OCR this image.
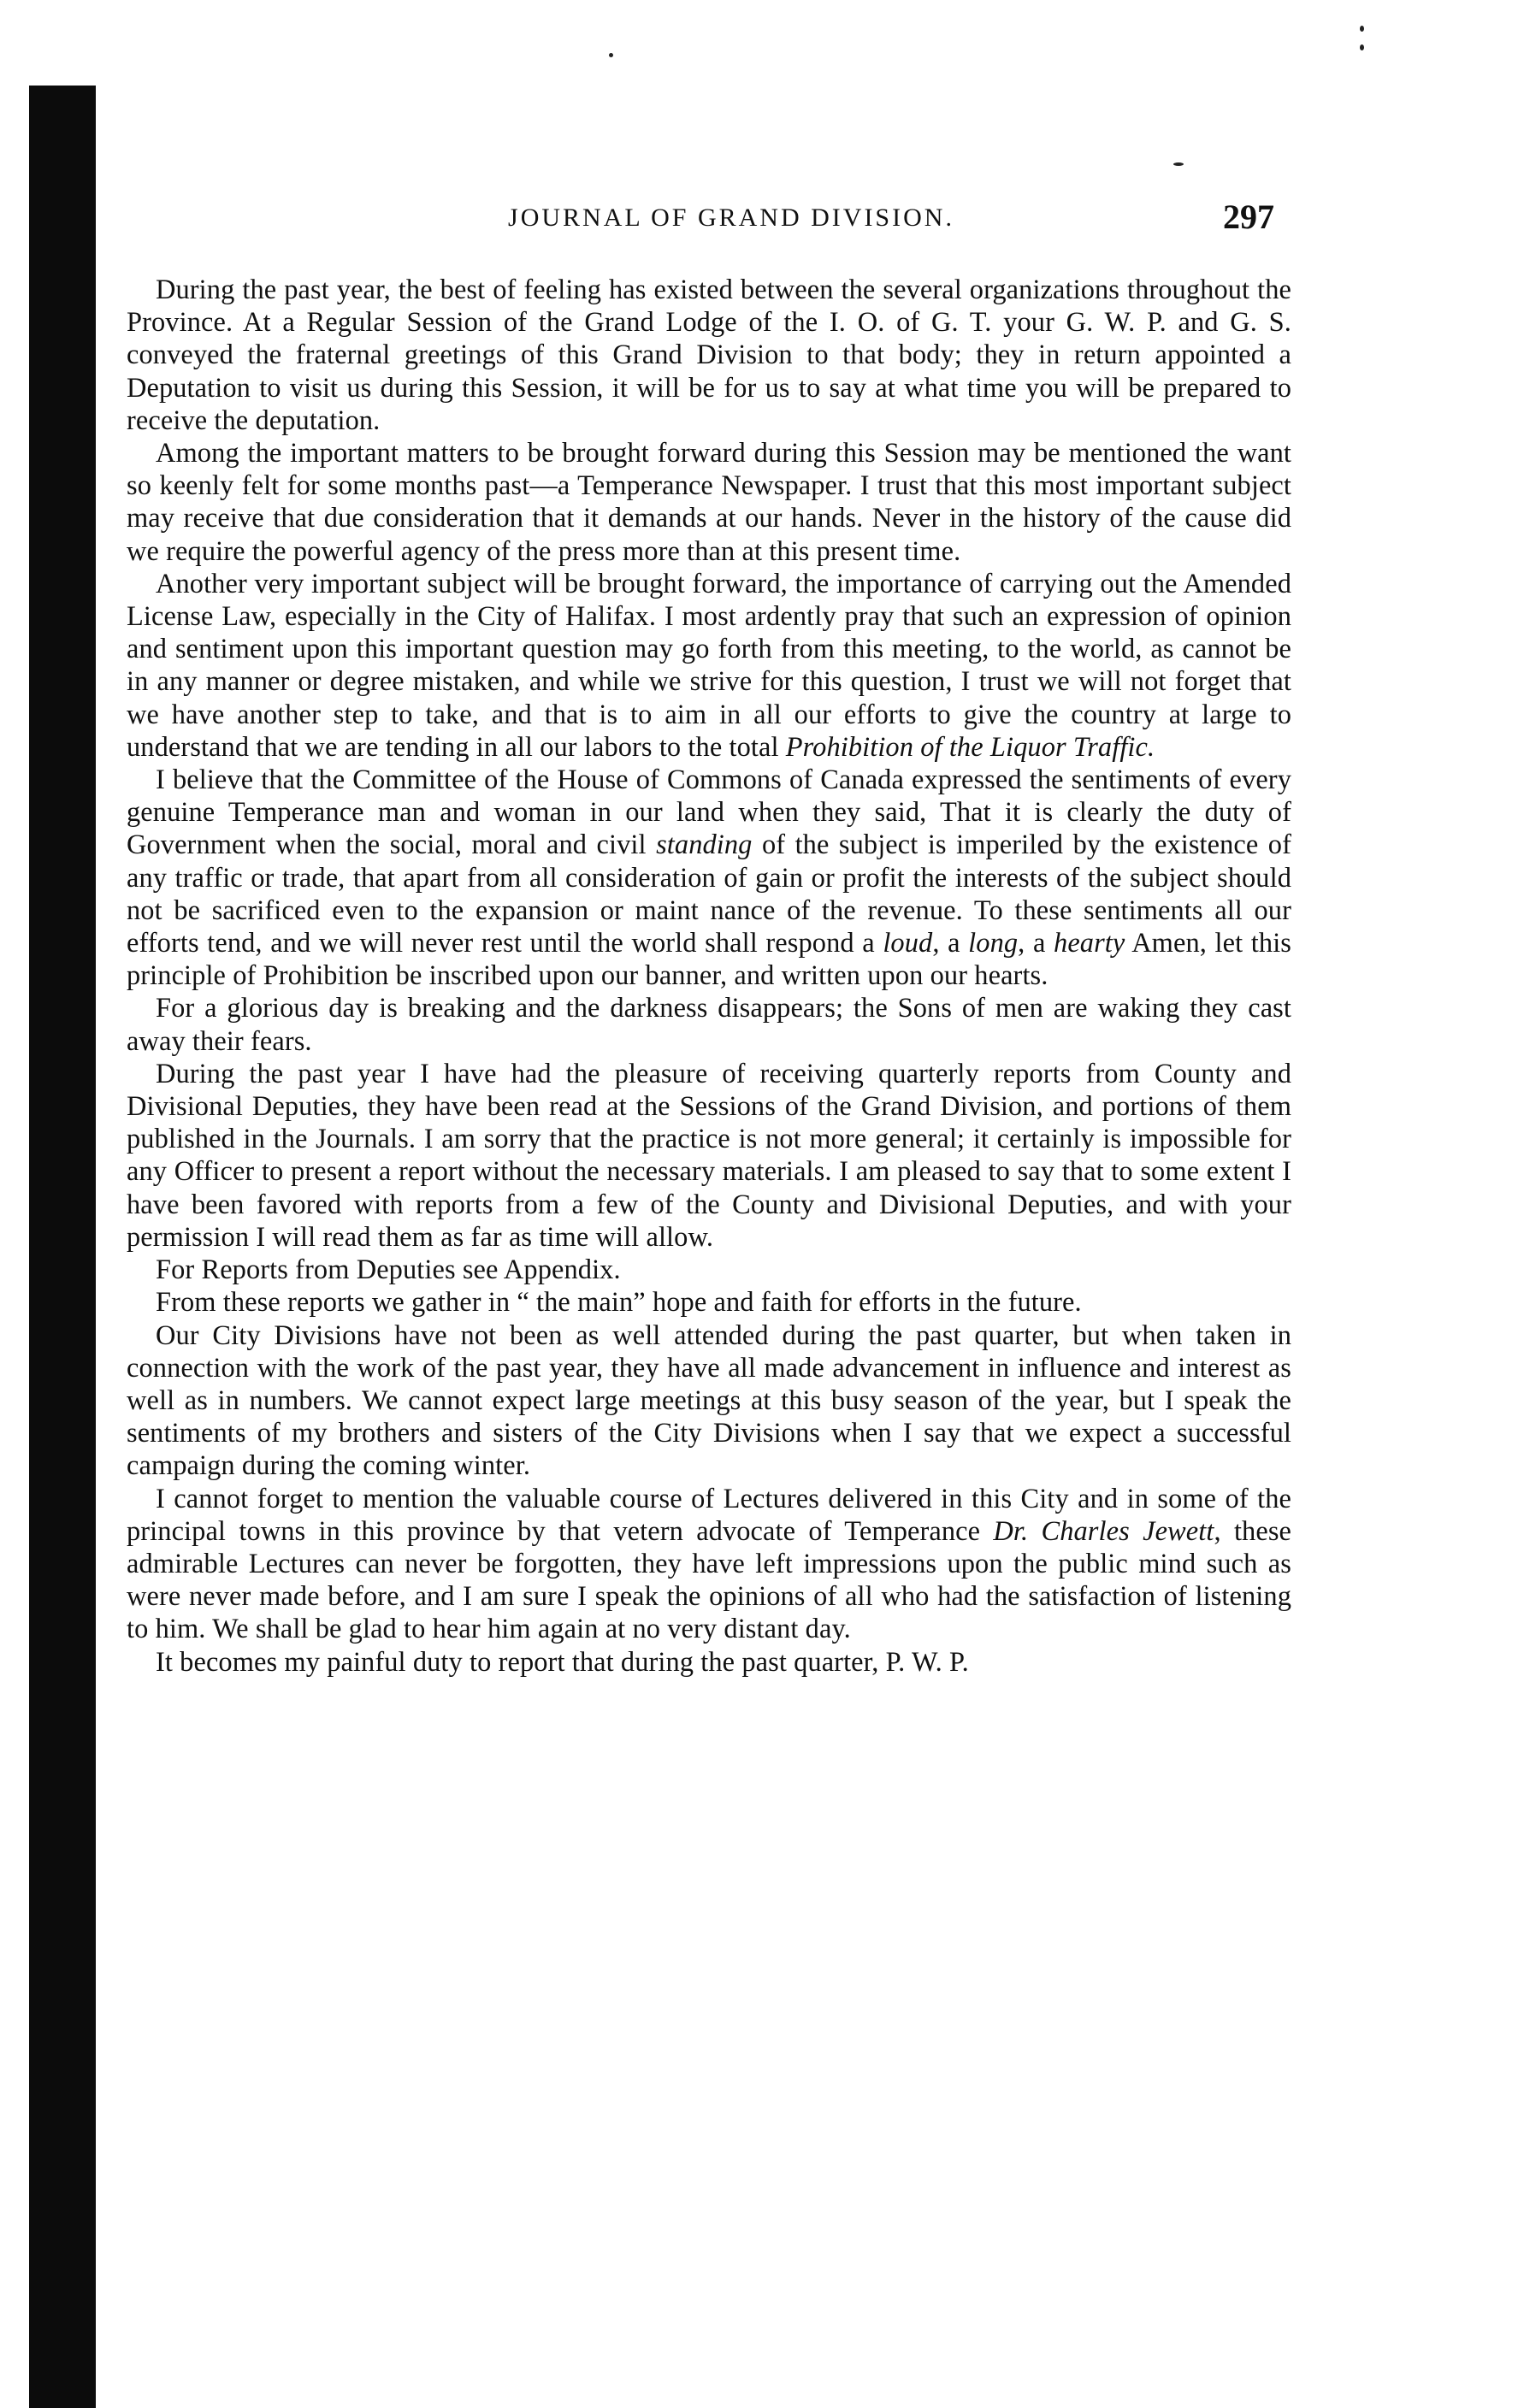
JOURNAL OF GRAND DIVISION.	297

During the past year, the best of feeling has existed between the several organizations throughout the Province. At a Regular Session of the Grand Lodge of the I. O. of G. T. your G. W. P. and G. S. conveyed the fraternal greetings of this Grand Division to that body; they in return appointed a Deputation to visit us during this Session, it will be for us to say at what time you will be prepared to receive the deputation.

Among the important matters to be brought forward during this Session may be mentioned the want so keenly felt for some months past—a Temperance Newspaper. I trust that this most important subject may receive that due consideration that it demands at our hands. Never in the history of the cause did we require the powerful agency of the press more than at this present time.

Another very important subject will be brought forward, the importance of carrying out the Amended License Law, especially in the City of Halifax. I most ardently pray that such an expression of opinion and sentiment upon this important question may go forth from this meeting, to the world, as cannot be in any manner or degree mistaken, and while we strive for this question, I trust we will not forget that we have another step to take, and that is to aim in all our efforts to give the country at large to understand that we are tending in all our labors to the total Prohibition of the Liquor Traffic.

I believe that the Committee of the House of Commons of Canada expressed the sentiments of every genuine Temperance man and woman in our land when they said, That it is clearly the duty of Government when the social, moral and civil standing of the subject is imperiled by the existence of any traffic or trade, that apart from all consideration of gain or profit the interests of the subject should not be sacrificed even to the expansion or maint nance of the revenue. To these sentiments all our efforts tend, and we will never rest until the world shall respond a loud, a long, a hearty Amen, let this principle of Prohibition be inscribed upon our banner, and written upon our hearts.

For a glorious day is breaking and the darkness disappears; the Sons of men are waking they cast away their fears.

During the past year I have had the pleasure of receiving quarterly reports from County and Divisional Deputies, they have been read at the Sessions of the Grand Division, and portions of them published in the Journals. I am sorry that the practice is not more general; it certainly is impossible for any Officer to present a report without the necessary materials. I am pleased to say that to some extent I have been favored with reports from a few of the County and Divisional Deputies, and with your permission I will read them as far as time will allow.

For Reports from Deputies see Appendix.

From these reports we gather in “ the main” hope and faith for efforts in the future.

Our City Divisions have not been as well attended during the past quarter, but when taken in connection with the work of the past year, they have all made advancement in influence and interest as well as in numbers. We cannot expect large meetings at this busy season of the year, but I speak the sentiments of my brothers and sisters of the City Divisions when I say that we expect a successful campaign during the coming winter.

I cannot forget to mention the valuable course of Lectures delivered in this City and in some of the principal towns in this province by that vetern advocate of Temperance Dr. Charles Jewett, these admirable Lectures can never be forgotten, they have left impressions upon the public mind such as were never made before, and I am sure I speak the opinions of all who had the satisfaction of listening to him. We shall be glad to hear him again at no very distant day.

It becomes my painful duty to report that during the past quarter, P. W. P.
